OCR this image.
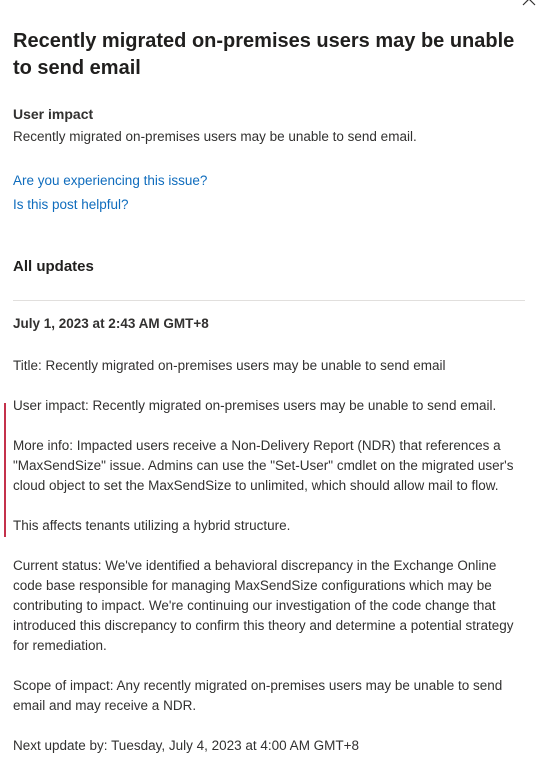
Recently migrated on-premises users may be unable to send email
User impact
Recently migrated on-premises users may be unable to send email.
Are you experiencing this issue?
Is this post helpful?
All updates
July 1, 2023 at 2:43 AM GMT+8

Title: Recently migrated on-premises users may be unable to send email

User impact: Recently migrated on-premises users may be unable to send email.

More info: Impacted users receive a Non-Delivery Report (NDR) that references a "MaxSendSize" issue. Admins can use the "Set-User" cmdlet on the migrated user's cloud object to set the MaxSendSize to unlimited, which should allow mail to flow.

This affects tenants utilizing a hybrid structure.

Current status: We've identified a behavioral discrepancy in the Exchange Online code base responsible for managing MaxSendSize configurations which may be contributing to impact. We're continuing our investigation of the code change that introduced this discrepancy to confirm this theory and determine a potential strategy for remediation.

Scope of impact: Any recently migrated on-premises users may be unable to send email and may receive a NDR.

Next update by: Tuesday, July 4, 2023 at 4:00 AM GMT+8
